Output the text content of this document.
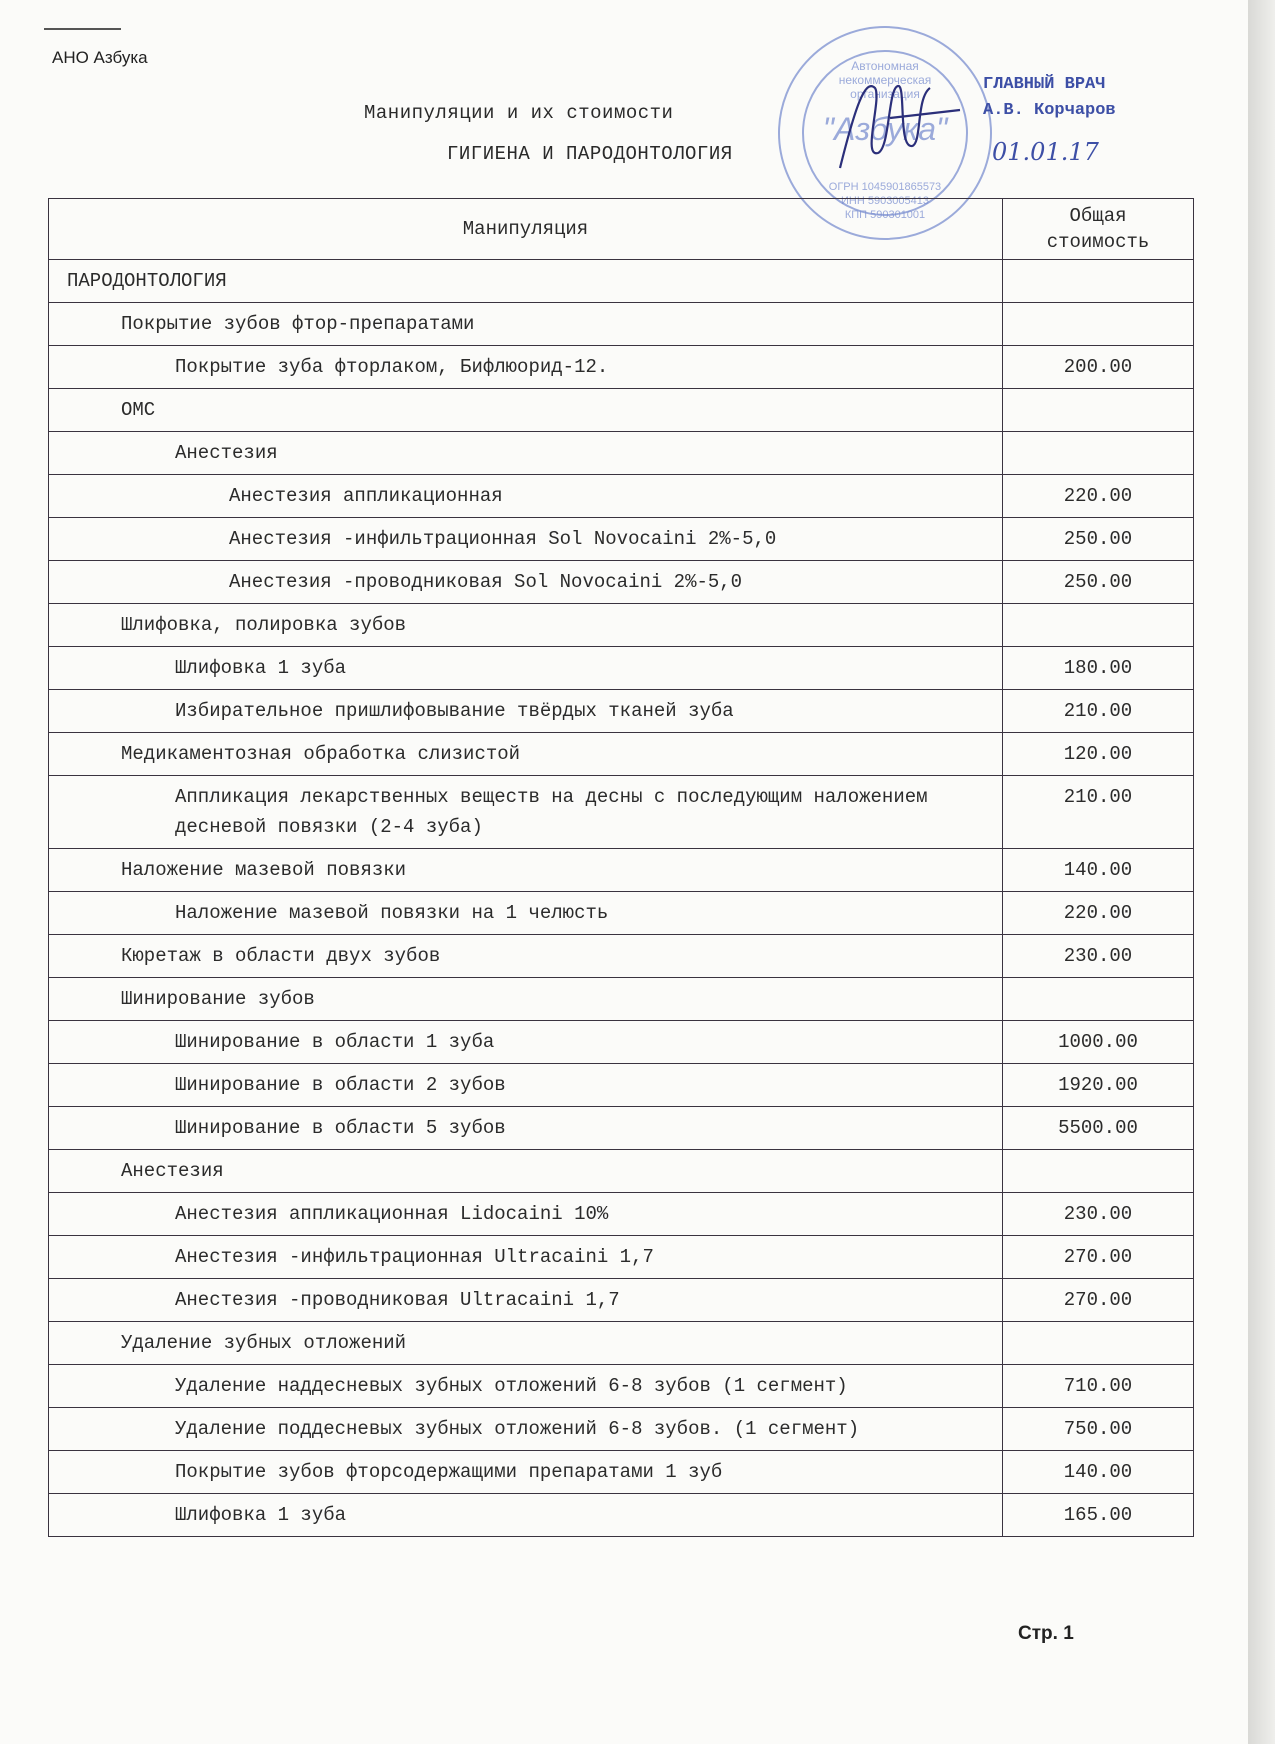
АНО Азбука
Манипуляции и их стоимости
ГИГИЕНА И ПАРОДОНТОЛОГИЯ
Автономная
некоммерческая
организация
"Азбука"
ОГРН 1045901865573
ИНН 5903005413
КПП 590301001
ГЛАВНЫЙ ВРАЧ
А.В. Корчаров
01.01.17
Манипуляция	Общая
стоимость

ПАРОДОНТОЛОГИЯ	
Покрытие зубов фтор-препаратами	
Покрытие зуба фторлаком, Бифлюорид-12.	200.00
ОМС	
Анестезия	
Анестезия аппликационная	220.00
Анестезия -инфильтрационная Sol Novocaini 2%-5,0	250.00
Анестезия -проводниковая Sol Novocaini 2%-5,0	250.00
Шлифовка, полировка зубов	
Шлифовка 1 зуба	180.00
Избирательное пришлифовывание твёрдых тканей зуба	210.00
Медикаментозная обработка слизистой	120.00
Аппликация лекарственных веществ на десны с последующим наложением десневой повязки (2-4 зуба)	210.00
Наложение мазевой повязки	140.00
Наложение мазевой повязки на 1 челюсть	220.00
Кюретаж в области двух зубов	230.00
Шинирование зубов	
Шинирование в области 1 зуба	1000.00
Шинирование в области 2 зубов	1920.00
Шинирование в области 5 зубов	5500.00
Анестезия	
Анестезия аппликационная Lidocaini 10%	230.00
Анестезия -инфильтрационная Ultracaini 1,7	270.00
Анестезия -проводниковая Ultracaini 1,7	270.00
Удаление зубных отложений	
Удаление наддесневых зубных отложений 6-8 зубов (1 сегмент)	710.00
Удаление поддесневых зубных отложений 6-8 зубов. (1 сегмент)	750.00
Покрытие зубов фторсодержащими препаратами 1 зуб	140.00
Шлифовка 1 зуба	165.00
Стр. 1
